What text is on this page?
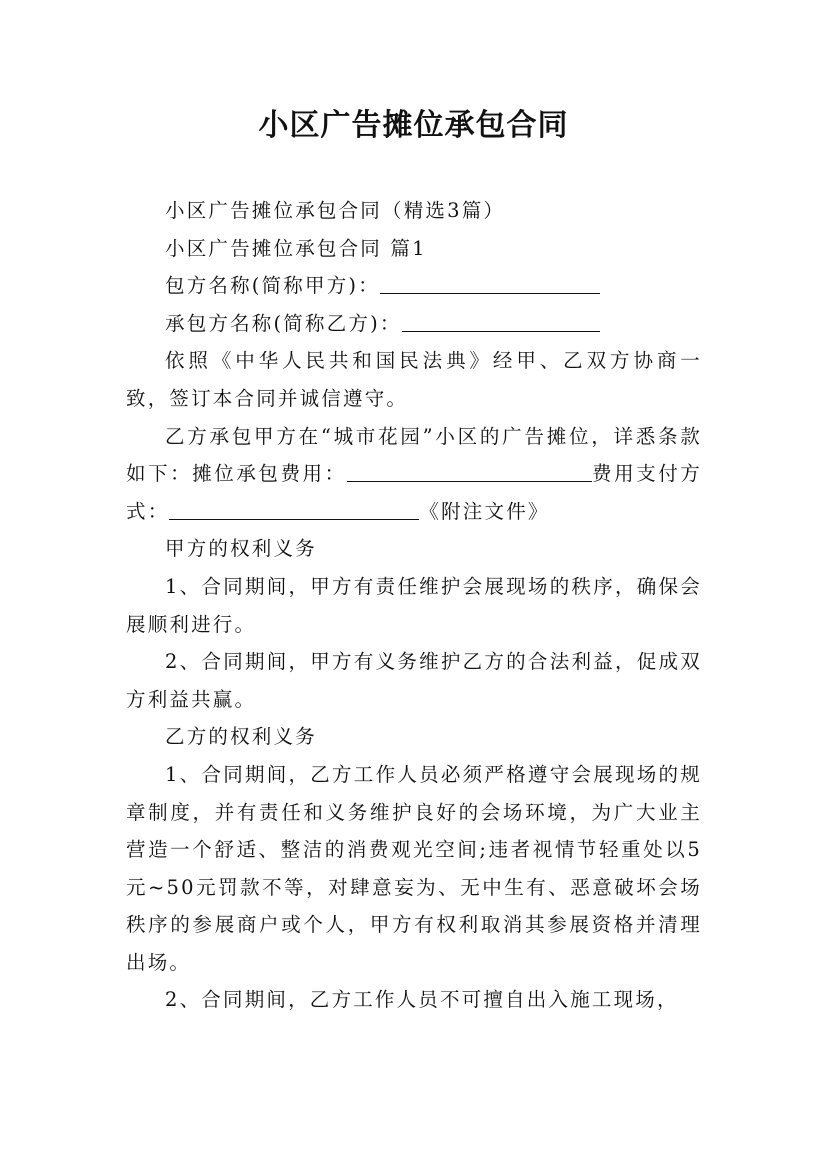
小区广告摊位承包合同

小区广告摊位承包合同（精选3篇）

小区广告摊位承包合同 篇1

包方名称(简称甲方)：

承包方名称(简称乙方)：

依照《中华人民共和国民法典》经甲、乙双方协商一致，签订本合同并诚信遵守。

乙方承包甲方在“城市花园”小区的广告摊位，详悉条款如下：摊位承包费用：	费用支付方式：	《附注文件》

甲方的权利义务

1、合同期间，甲方有责任维护会展现场的秩序，确保会展顺利进行。

2、合同期间，甲方有义务维护乙方的合法利益，促成双方利益共赢。

乙方的权利义务

1、合同期间，乙方工作人员必须严格遵守会展现场的规章制度，并有责任和义务维护良好的会场环境，为广大业主营造一个舒适、整洁的消费观光空间;违者视情节轻重处以5元~50元罚款不等，对肆意妄为、无中生有、恶意破坏会场秩序的参展商户或个人，甲方有权利取消其参展资格并清理出场。

2、合同期间，乙方工作人员不可擅自出入施工现场，
